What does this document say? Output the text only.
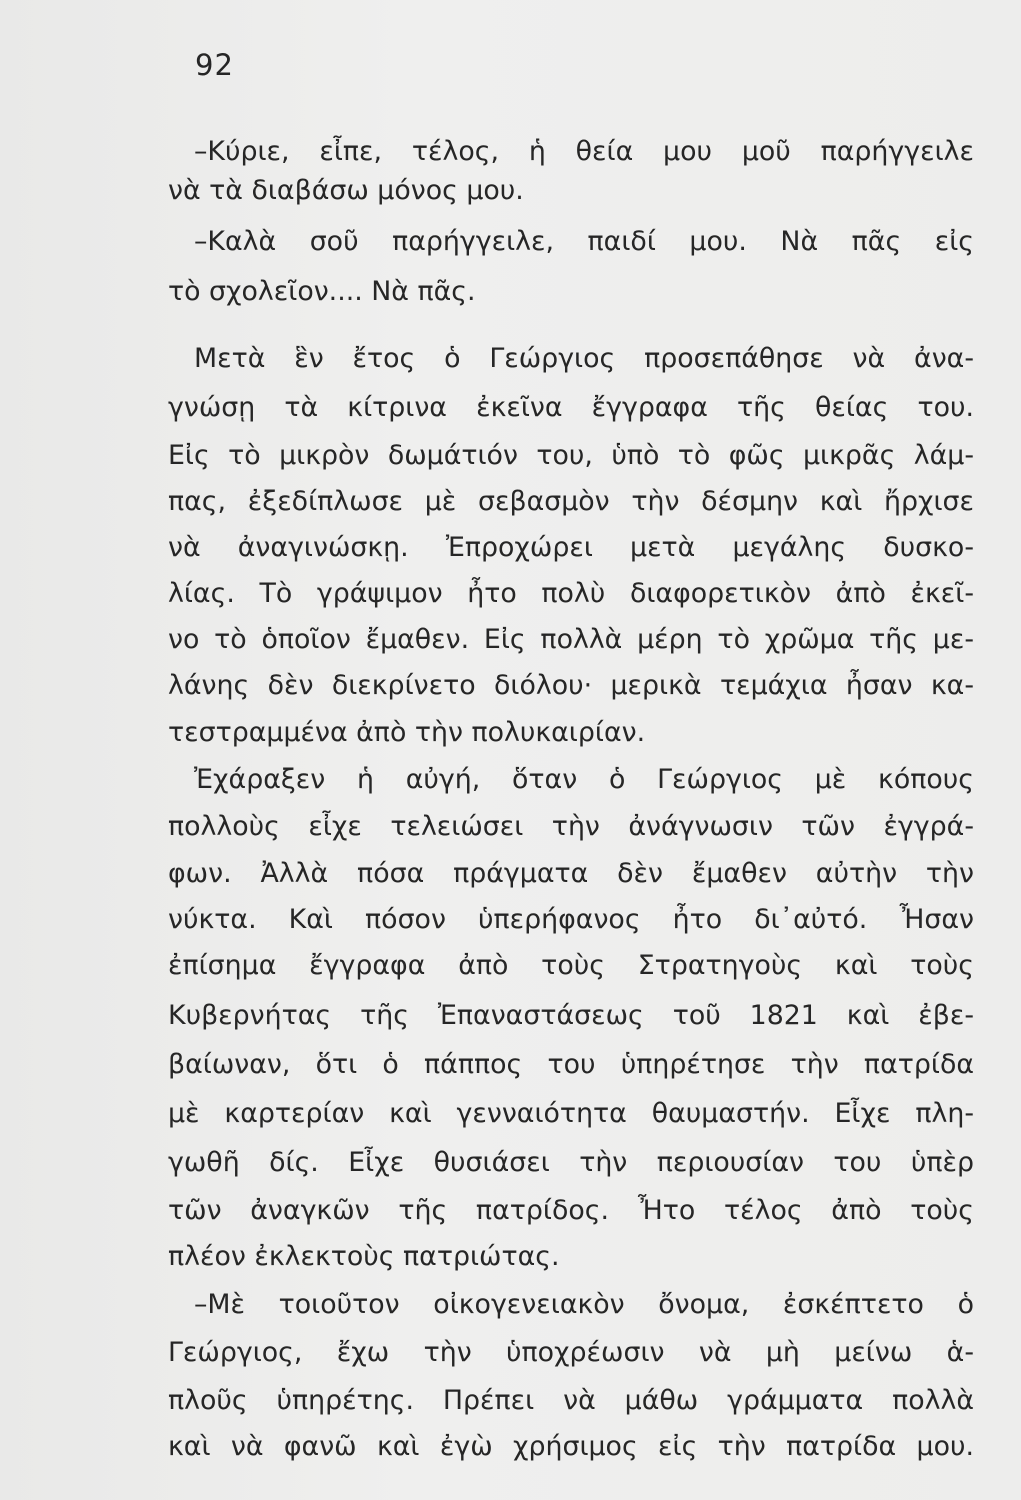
92
–Κύριε, εἶπε, τέλος, ἡ θεία μου μοῦ παρήγγειλε
νὰ τὰ διαβάσω μόνος μου.
–Καλὰ σοῦ παρήγγειλε, παιδί μου. Νὰ πᾶς εἰς
τὸ σχολεῖον.... Νὰ πᾶς.
Μετὰ ἓν ἔτος ὁ Γεώργιος προσεπάθησε νὰ ἀνα-
γνώσῃ τὰ κίτρινα ἐκεῖνα ἔγγραφα τῆς θείας του.
Εἰς τὸ μικρὸν δωμάτιόν του, ὑπὸ τὸ φῶς μικρᾶς λάμ-
πας, ἐξεδίπλωσε μὲ σεβασμὸν τὴν δέσμην καὶ ἤρχισε
νὰ ἀναγινώσκῃ. Ἐπροχώρει μετὰ μεγάλης δυσκο-
λίας. Τὸ γράψιμον ἦτο πολὺ διαφορετικὸν ἀπὸ ἐκεῖ-
νο τὸ ὁποῖον ἔμαθεν. Εἰς πολλὰ μέρη τὸ χρῶμα τῆς με-
λάνης δὲν διεκρίνετο διόλου· μερικὰ τεμάχια ἦσαν κα-
τεστραμμένα ἀπὸ τὴν πολυκαιρίαν.
Ἐχάραξεν ἡ αὐγή, ὅταν ὁ Γεώργιος μὲ κόπους
πολλοὺς εἶχε τελειώσει τὴν ἀνάγνωσιν τῶν ἐγγρά-
φων. Ἀλλὰ πόσα πράγματα δὲν ἔμαθεν αὐτὴν τὴν
νύκτα. Καὶ πόσον ὑπερήφανος ἦτο δι᾿αὐτό. Ἦσαν
ἐπίσημα ἔγγραφα ἀπὸ τοὺς Στρατηγοὺς καὶ τοὺς
Κυβερνήτας τῆς Ἐπαναστάσεως τοῦ 1821 καὶ ἐβε-
βαίωναν, ὅτι ὁ πάππος του ὑπηρέτησε τὴν πατρίδα
μὲ καρτερίαν καὶ γενναιότητα θαυμαστήν. Εἶχε πλη-
γωθῆ δίς. Εἶχε θυσιάσει τὴν περιουσίαν του ὑπὲρ
τῶν ἀναγκῶν τῆς πατρίδος. Ἦτο τέλος ἀπὸ τοὺς
πλέον ἐκλεκτοὺς πατριώτας.
–Μὲ τοιοῦτον οἰκογενειακὸν ὄνομα, ἐσκέπτετο ὁ
Γεώργιος, ἔχω τὴν ὑποχρέωσιν νὰ μὴ μείνω ἁ-
πλοῦς ὑπηρέτης. Πρέπει νὰ μάθω γράμματα πολλὰ
καὶ νὰ φανῶ καὶ ἐγὼ χρήσιμος εἰς τὴν πατρίδα μου.
